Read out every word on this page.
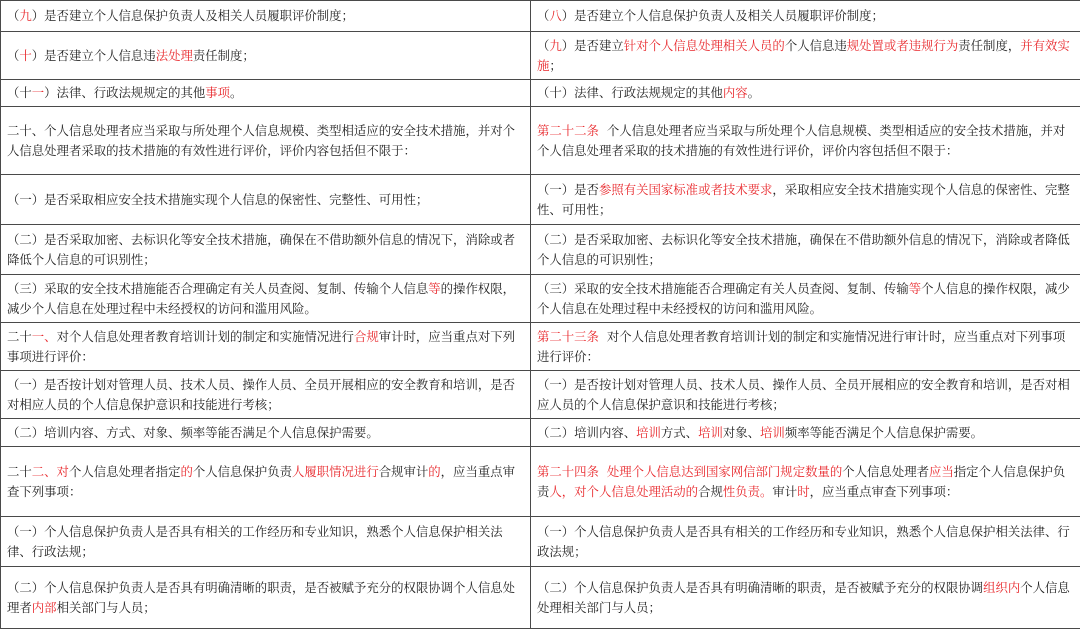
（九）是否建立个人信息保护负责人及相关人员履职评价制度；	（八）是否建立个人信息保护负责人及相关人员履职评价制度；
（十）是否建立个人信息违法处理责任制度；	（九）是否建立针对个人信息处理相关人员的个人信息违规处置或者违规行为责任制度，并有效实施；
（十一）法律、行政法规规定的其他事项。	（十）法律、行政法规规定的其他内容。
二十、个人信息处理者应当采取与所处理个人信息规模、类型相适应的安全技术措施，并对个人信息处理者采取的技术措施的有效性进行评价，评价内容包括但不限于：	第二十二条  个人信息处理者应当采取与所处理个人信息规模、类型相适应的安全技术措施，并对个人信息处理者采取的技术措施的有效性进行评价，评价内容包括但不限于：
（一）是否采取相应安全技术措施实现个人信息的保密性、完整性、可用性；	（一）是否参照有关国家标准或者技术要求，采取相应安全技术措施实现个人信息的保密性、完整性、可用性；
（二）是否采取加密、去标识化等安全技术措施，确保在不借助额外信息的情况下，消除或者降低个人信息的可识别性；	（二）是否采取加密、去标识化等安全技术措施，确保在不借助额外信息的情况下，消除或者降低个人信息的可识别性；
（三）采取的安全技术措施能否合理确定有关人员查阅、复制、传输个人信息等的操作权限，减少个人信息在处理过程中未经授权的访问和滥用风险。	（三）采取的安全技术措施能否合理确定有关人员查阅、复制、传输等个人信息的操作权限，减少个人信息在处理过程中未经授权的访问和滥用风险。
二十一、对个人信息处理者教育培训计划的制定和实施情况进行合规审计时，应当重点对下列事项进行评价：	第二十三条  对个人信息处理者教育培训计划的制定和实施情况进行审计时，应当重点对下列事项进行评价：
（一）是否按计划对管理人员、技术人员、操作人员、全员开展相应的安全教育和培训，是否对相应人员的个人信息保护意识和技能进行考核；	（一）是否按计划对管理人员、技术人员、操作人员、全员开展相应的安全教育和培训，是否对相应人员的个人信息保护意识和技能进行考核；
（二）培训内容、方式、对象、频率等能否满足个人信息保护需要。	（二）培训内容、培训方式、培训对象、培训频率等能否满足个人信息保护需要。
二十二、对个人信息处理者指定的个人信息保护负责人履职情况进行合规审计的，应当重点审查下列事项：	第二十四条 处理个人信息达到国家网信部门规定数量的个人信息处理者应当指定个人信息保护负责人，对个人信息处理活动的合规性负责。审计时，应当重点审查下列事项：
（一）个人信息保护负责人是否具有相关的工作经历和专业知识，熟悉个人信息保护相关法律、行政法规；	（一）个人信息保护负责人是否具有相关的工作经历和专业知识，熟悉个人信息保护相关法律、行政法规；
（二）个人信息保护负责人是否具有明确清晰的职责，是否被赋予充分的权限协调个人信息处理者内部相关部门与人员；	（二）个人信息保护负责人是否具有明确清晰的职责，是否被赋予充分的权限协调组织内个人信息处理相关部门与人员；
